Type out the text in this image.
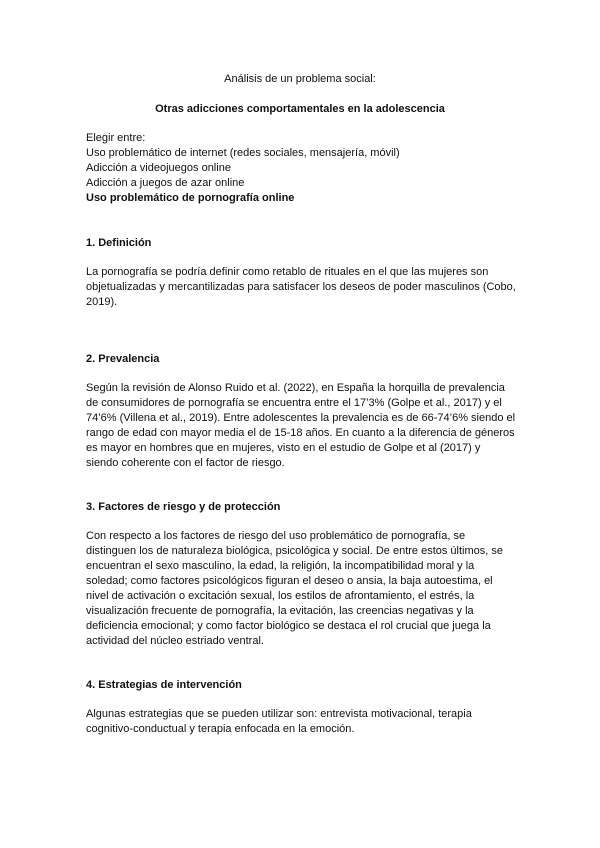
Análisis de un problema social:
Otras adicciones comportamentales en la adolescencia
Elegir entre:
Uso problemático de internet (redes sociales, mensajería, móvil)
Adicción a videojuegos online
Adicción a juegos de azar online
Uso problemático de pornografía online
1. Definición
La pornografía se podría definir como retablo de rituales en el que las mujeres son
objetualizadas y mercantilizadas para satisfacer los deseos de poder masculinos (Cobo,
2019).
2. Prevalencia
Según la revisión de Alonso Ruido et al. (2022), en España la horquilla de prevalencia
de consumidores de pornografía se encuentra entre el 17’3% (Golpe et al., 2017) y el
74’6% (Villena et al., 2019). Entre adolescentes la prevalencia es de 66-74’6% siendo el
rango de edad con mayor media el de 15-18 años. En cuanto a la diferencia de géneros
es mayor en hombres que en mujeres, visto en el estudio de Golpe et al (2017) y
siendo coherente con el factor de riesgo.
3. Factores de riesgo y de protección
Con respecto a los factores de riesgo del uso problemático de pornografía, se
distinguen los de naturaleza biológica, psicológica y social. De entre estos últimos, se
encuentran el sexo masculino, la edad, la religión, la incompatibilidad moral y la
soledad; como factores psicológicos figuran el deseo o ansia, la baja autoestima, el
nivel de activación o excitación sexual, los estilos de afrontamiento, el estrés, la
visualización frecuente de pornografía, la evitación, las creencias negativas y la
deficiencia emocional; y como factor biológico se destaca el rol crucial que juega la
actividad del núcleo estriado ventral.
4. Estrategias de intervención
Algunas estrategias que se pueden utilizar son: entrevista motivacional, terapia
cognitivo-conductual y terapia enfocada en la emoción.
